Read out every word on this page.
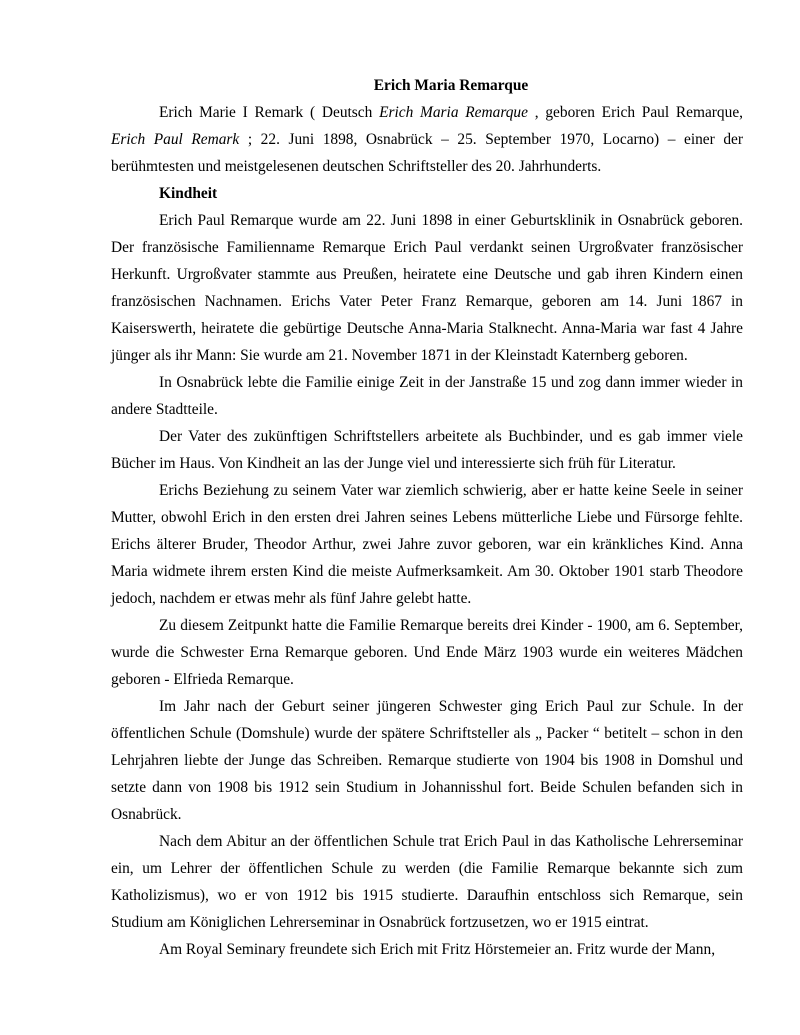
Erich Maria Remarque

Erich Marie I Remark ( Deutsch Erich Maria Remarque , geboren Erich Paul Remarque, Erich Paul Remark ; 22. Juni 1898, Osnabrück – 25. September 1970, Locarno) – einer der berühmtesten und meistgelesenen deutschen Schriftsteller des 20. Jahrhunderts.

Kindheit

Erich Paul Remarque wurde am 22. Juni 1898 in einer Geburtsklinik in Osnabrück geboren. Der französische Familienname Remarque Erich Paul verdankt seinen Urgroßvater französischer Herkunft. Urgroßvater stammte aus Preußen, heiratete eine Deutsche und gab ihren Kindern einen französischen Nachnamen. Erichs Vater Peter Franz Remarque, geboren am 14. Juni 1867 in Kaiserswerth, heiratete die gebürtige Deutsche Anna-Maria Stalknecht. Anna-Maria war fast 4 Jahre jünger als ihr Mann: Sie wurde am 21. November 1871 in der Kleinstadt Katernberg geboren.

In Osnabrück lebte die Familie einige Zeit in der Janstraße 15 und zog dann immer wieder in andere Stadtteile.

Der Vater des zukünftigen Schriftstellers arbeitete als Buchbinder, und es gab immer viele Bücher im Haus. Von Kindheit an las der Junge viel und interessierte sich früh für Literatur.

Erichs Beziehung zu seinem Vater war ziemlich schwierig, aber er hatte keine Seele in seiner Mutter, obwohl Erich in den ersten drei Jahren seines Lebens mütterliche Liebe und Fürsorge fehlte. Erichs älterer Bruder, Theodor Arthur, zwei Jahre zuvor geboren, war ein kränkliches Kind. Anna Maria widmete ihrem ersten Kind die meiste Aufmerksamkeit. Am 30. Oktober 1901 starb Theodore jedoch, nachdem er etwas mehr als fünf Jahre gelebt hatte.

Zu diesem Zeitpunkt hatte die Familie Remarque bereits drei Kinder - 1900, am 6. September, wurde die Schwester Erna Remarque geboren. Und Ende März 1903 wurde ein weiteres Mädchen geboren - Elfrieda Remarque.

Im Jahr nach der Geburt seiner jüngeren Schwester ging Erich Paul zur Schule. In der öffentlichen Schule (Domshule) wurde der spätere Schriftsteller als „ Packer “ betitelt – schon in den Lehrjahren liebte der Junge das Schreiben. Remarque studierte von 1904 bis 1908 in Domshul und setzte dann von 1908 bis 1912 sein Studium in Johannisshul fort. Beide Schulen befanden sich in Osnabrück.

Nach dem Abitur an der öffentlichen Schule trat Erich Paul in das Katholische Lehrerseminar ein, um Lehrer der öffentlichen Schule zu werden (die Familie Remarque bekannte sich zum Katholizismus), wo er von 1912 bis 1915 studierte. Daraufhin entschloss sich Remarque, sein Studium am Königlichen Lehrerseminar in Osnabrück fortzusetzen, wo er 1915 eintrat.

Am Royal Seminary freundete sich Erich mit Fritz Hörstemeier an. Fritz wurde der Mann,
